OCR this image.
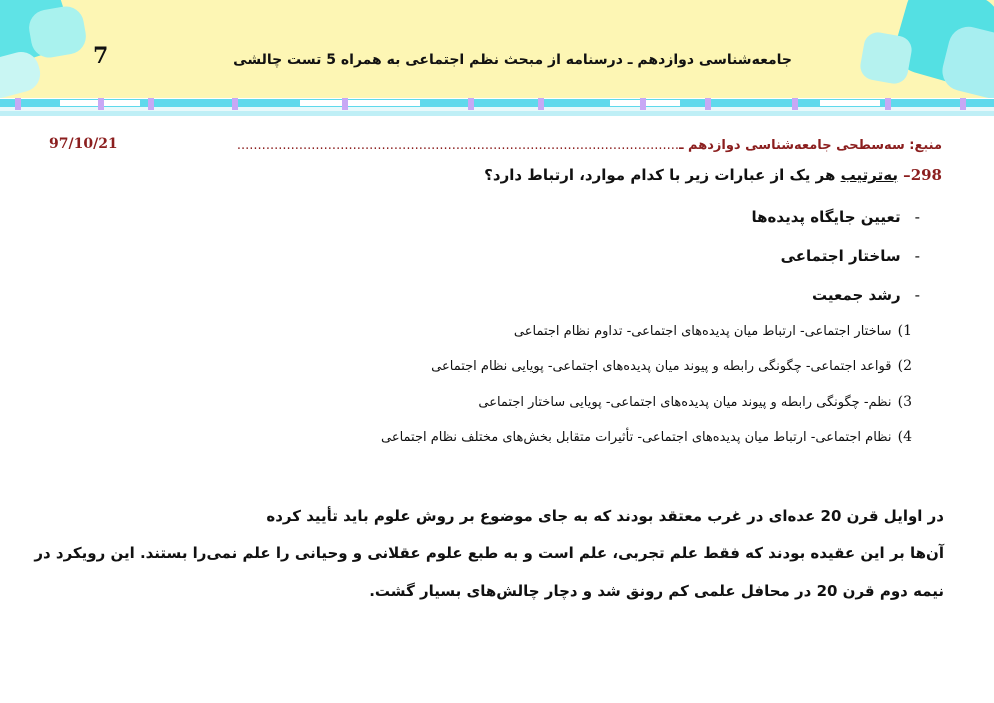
7	جامعه‌شناسی دوازدهم ـ درسنامه از مبحث نظم اجتماعی به همراه 5 تست چالشی
منبع: سه‌سطحی جامعه‌شناسی دوازدهم ـ...........................................................................................................
97/10/21
298– به‌ترتیب هر یک از عبارات زیر با کدام موارد، ارتباط دارد؟
-تعیین جایگاه پدیده‌ها
-ساختار اجتماعی
-رشد جمعیت
1) ساختار اجتماعی- ارتباط میان پدیده‌های اجتماعی- تداوم نظام اجتماعی
2) قواعد اجتماعی- چگونگی رابطه و پیوند میان پدیده‌های اجتماعی- پویایی نظام اجتماعی
3) نظم- چگونگی رابطه و پیوند میان پدیده‌های اجتماعی- پویایی ساختار اجتماعی
4) نظام اجتماعی- ارتباط میان پدیده‌های اجتماعی- تأثیرات متقابل بخش‌های مختلف نظام اجتماعی
در اوایل قرن 20 عده‌ای در غرب معتقد بودند که به جای موضوع بر روش علوم باید تأیید کرده
آن‌ها بر این عقیده بودند که فقط علم تجربی، علم است و به طبع علوم عقلانی و وحیانی را علم نمی‌را بستند. این رویکرد در
نیمه دوم قرن 20 در محافل علمی کم رونق شد و دچار چالش‌های بسیار گشت.
